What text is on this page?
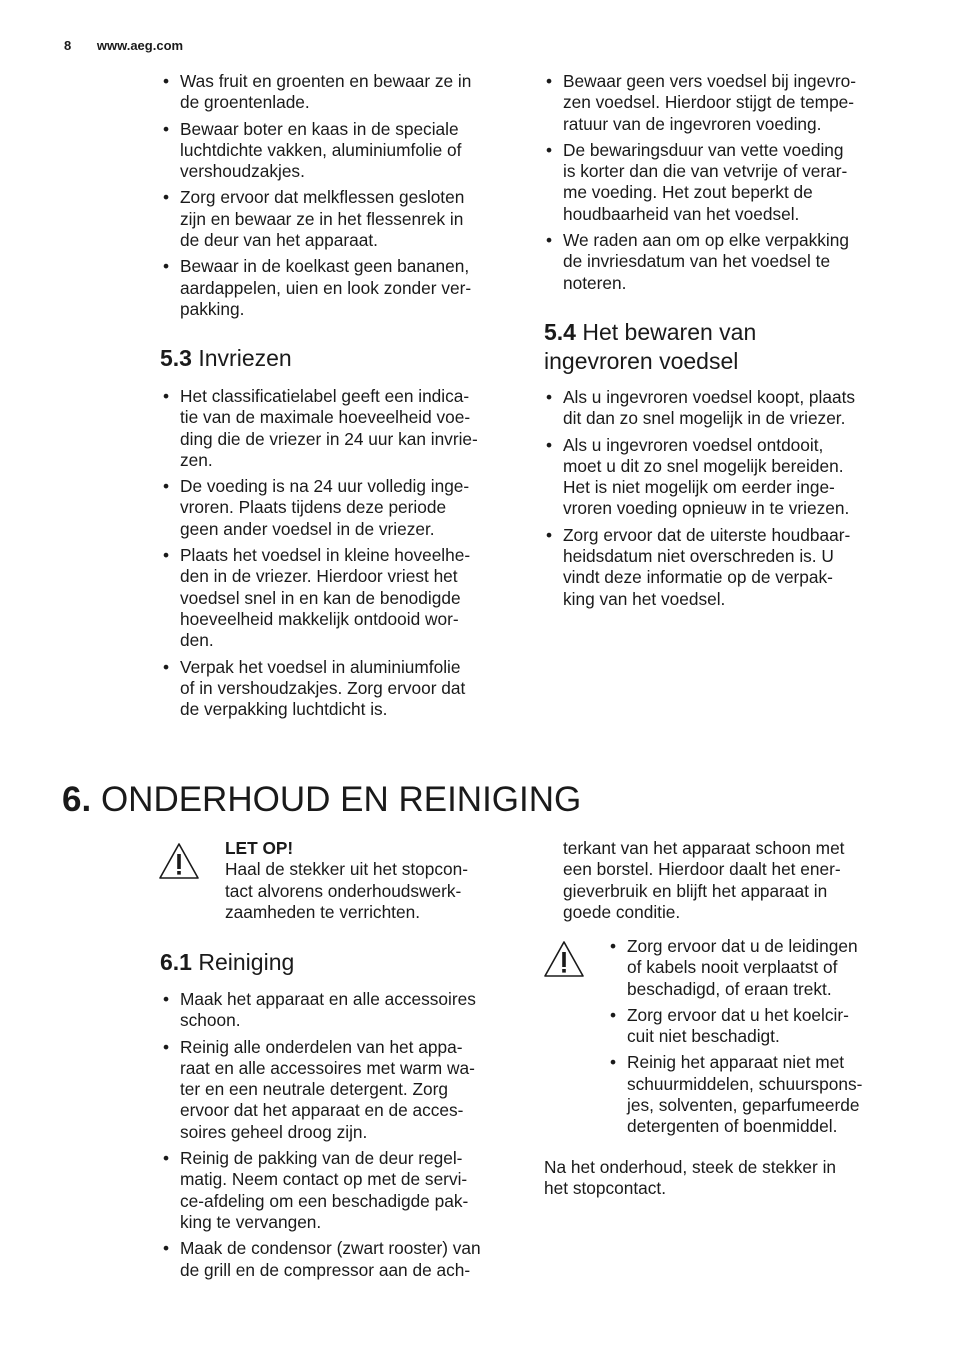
8 www.aeg.com
• Was fruit en groenten en bewaar ze in
de groentenlade.
• Bewaar boter en kaas in de speciale
luchtdichte vakken, aluminiumfolie of
vershoudzakjes.
• Zorg ervoor dat melkflessen gesloten
zijn en bewaar ze in het flessenrek in
de deur van het apparaat.
• Bewaar in de koelkast geen bananen,
aardappelen, uien en look zonder ver-
pakking.
5.3 Invriezen
• Het classificatielabel geeft een indica-
tie van de maximale hoeveelheid voe-
ding die de vriezer in 24 uur kan invrie-
zen.
• De voeding is na 24 uur volledig inge-
vroren. Plaats tijdens deze periode
geen ander voedsel in de vriezer.
• Plaats het voedsel in kleine hoveelhe-
den in de vriezer. Hierdoor vriest het
voedsel snel in en kan de benodigde
hoeveelheid makkelijk ontdooid wor-
den.
• Verpak het voedsel in aluminiumfolie
of in vershoudzakjes. Zorg ervoor dat
de verpakking luchtdicht is.
• Bewaar geen vers voedsel bij ingevro-
zen voedsel. Hierdoor stijgt de tempe-
ratuur van de ingevroren voeding.
• De bewaringsduur van vette voeding
is korter dan die van vetvrije of verar-
me voeding. Het zout beperkt de
houdbaarheid van het voedsel.
• We raden aan om op elke verpakking
de invriesdatum van het voedsel te
noteren.
5.4 Het bewaren van
ingevroren voedsel
• Als u ingevroren voedsel koopt, plaats
dit dan zo snel mogelijk in de vriezer.
• Als u ingevroren voedsel ontdooit,
moet u dit zo snel mogelijk bereiden.
Het is niet mogelijk om eerder inge-
vroren voeding opnieuw in te vriezen.
• Zorg ervoor dat de uiterste houdbaar-
heidsdatum niet overschreden is. U
vindt deze informatie op de verpak-
king van het voedsel.
6. ONDERHOUD EN REINIGING
LET OP!
Haal de stekker uit het stopcon-
tact alvorens onderhoudswerk-
zaamheden te verrichten.
6.1 Reiniging
• Maak het apparaat en alle accessoires
schoon.
• Reinig alle onderdelen van het appa-
raat en alle accessoires met warm wa-
ter en een neutrale detergent. Zorg
ervoor dat het apparaat en de acces-
soires geheel droog zijn.
• Reinig de pakking van de deur regel-
matig. Neem contact op met de servi-
ce-afdeling om een beschadigde pak-
king te vervangen.
• Maak de condensor (zwart rooster) van
de grill en de compressor aan de ach-
terkant van het apparaat schoon met
een borstel. Hierdoor daalt het ener-
gieverbruik en blijft het apparaat in
goede conditie.
• Zorg ervoor dat u de leidingen
of kabels nooit verplaatst of
beschadigd, of eraan trekt.
• Zorg ervoor dat u het koelcir-
cuit niet beschadigt.
• Reinig het apparaat niet met
schuurmiddelen, schuurspons-
jes, solventen, geparfumeerde
detergenten of boenmiddel.
Na het onderhoud, steek de stekker in
het stopcontact.
